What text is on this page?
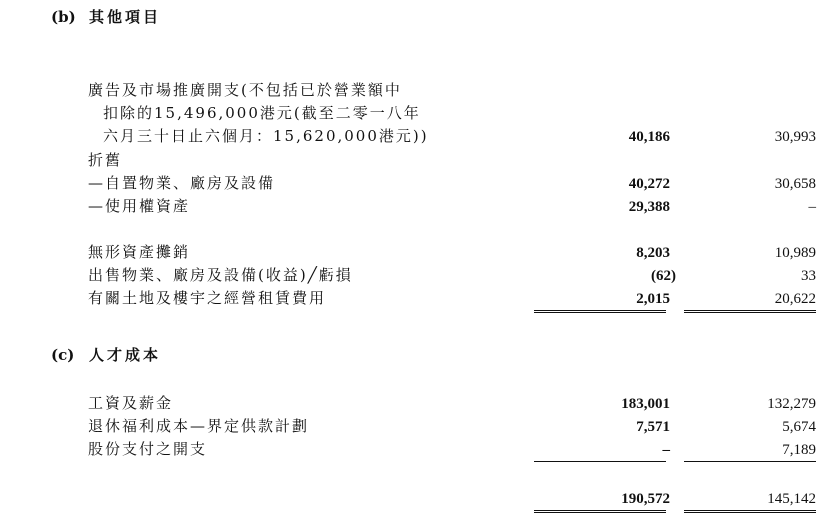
(b) 其他項目
廣告及市場推廣開支(不包括已於營業額中
扣除的15,496,000港元(截至二零一八年
六月三十日止六個月：15,620,000港元))	40,186	30,993
折舊
—自置物業、廠房及設備	40,272	30,658
—使用權資產	29,388	–
無形資產攤銷	8,203	10,989
出售物業、廠房及設備(收益)╱虧損	(62)	33
有關土地及樓宇之經營租賃費用	2,015	20,622
(c) 人才成本
工資及薪金	183,001	132,279
退休福利成本—界定供款計劃	7,571	5,674
股份支付之開支	–	7,189
190,572	145,142
